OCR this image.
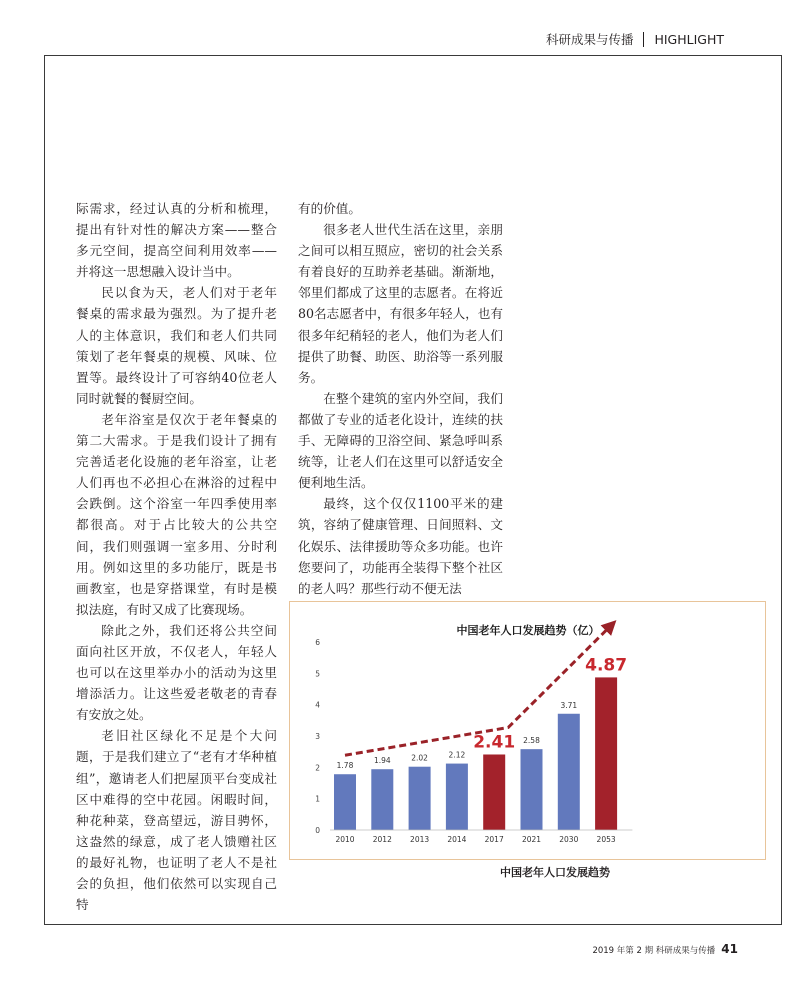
科研成果与传播 HIGHLIGHT

际需求，经过认真的分析和梳理，提出有针对性的解决方案——整合多元空间，提高空间利用效率——并将这一思想融入设计当中。

民以食为天，老人们对于老年餐桌的需求最为强烈。为了提升老人的主体意识，我们和老人们共同策划了老年餐桌的规模、风味、位置等。最终设计了可容纳40位老人同时就餐的餐厨空间。

老年浴室是仅次于老年餐桌的第二大需求。于是我们设计了拥有完善适老化设施的老年浴室，让老人们再也不必担心在淋浴的过程中会跌倒。这个浴室一年四季使用率都很高。对于占比较大的公共空间，我们则强调一室多用、分时利用。例如这里的多功能厅，既是书画教室，也是穿搭课堂，有时是模拟法庭，有时又成了比赛现场。

除此之外，我们还将公共空间面向社区开放，不仅老人，年轻人也可以在这里举办小的活动为这里增添活力。让这些爱老敬老的青春有安放之处。

老旧社区绿化不足是个大问题，于是我们建立了“老有才华种植组”，邀请老人们把屋顶平台变成社区中难得的空中花园。闲暇时间，种花种菜，登高望远，游目骋怀，这盎然的绿意，成了老人馈赠社区的最好礼物，也证明了老人不是社会的负担，他们依然可以实现自己特

有的价值。

很多老人世代生活在这里，亲朋之间可以相互照应，密切的社会关系有着良好的互助养老基础。渐渐地，邻里们都成了这里的志愿者。在将近80名志愿者中，有很多年轻人，也有很多年纪稍轻的老人，他们为老人们提供了助餐、助医、助浴等一系列服务。

在整个建筑的室内外空间，我们都做了专业的适老化设计，连续的扶手、无障碍的卫浴空间、紧急呼叫系统等，让老人们在这里可以舒适安全便利地生活。

最终，这个仅仅1100平米的建筑，容纳了健康管理、日间照料、文化娱乐、法律援助等众多功能。也许您要问了，功能再全装得下整个社区的老人吗？那些行动不便无法

中国老年人口发展趋势（亿）
0
1
2
3
4
5
6
1.78
1.94	2.02	2.12
2.41 2.58
3.71
4.87
2010 2012 2013 2014 2017 2021 2030 2053
中国老年人口发展趋势
2019 年第 2 期 科研成果与传播 41
